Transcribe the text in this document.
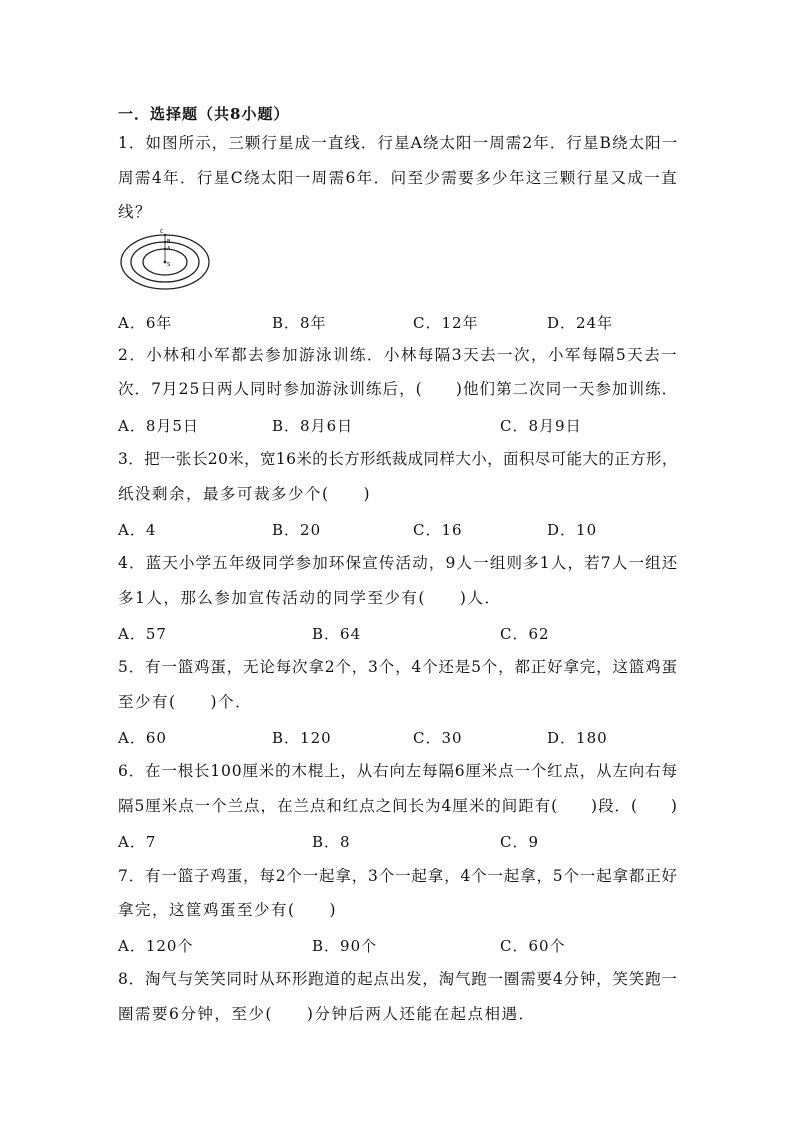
一．选择题（共8小题）
1．如图所示，三颗行星成一直线．行星A绕太阳一周需2年．行星B绕太阳一
周需4年．行星C绕太阳一周需6年．问至少需要多少年这三颗行星又成一直
线？
C
B
A
S
A．6年	B．8年	C．12年	D．24年
2．小林和小军都去参加游泳训练．小林每隔3天去一次，小军每隔5天去一
次．7月25日两人同时参加游泳训练后，(　　)他们第二次同一天参加训练．
A．8月5日	B．8月6日	C．8月9日
3．把一张长20米，宽16米的长方形纸裁成同样大小，面积尽可能大的正方形，
纸没剩余，最多可裁多少个(　　)
A．4	B．20	C．16	D．10
4．蓝天小学五年级同学参加环保宣传活动，9人一组则多1人，若7人一组还
多1人，那么参加宣传活动的同学至少有(　　)人．
A．57	B．64	C．62
5．有一篮鸡蛋，无论每次拿2个，3个，4个还是5个，都正好拿完，这篮鸡蛋
至少有(　　)个．
A．60	B．120	C．30	D．180
6．在一根长100厘米的木棍上，从右向左每隔6厘米点一个红点，从左向右每
隔5厘米点一个兰点，在兰点和红点之间长为4厘米的间距有(　　)段．(　　)
A．7	B．8	C．9
7．有一篮子鸡蛋，每2个一起拿，3个一起拿，4个一起拿，5个一起拿都正好
拿完，这筐鸡蛋至少有(　　)
A．120个	B．90个	C．60个
8．淘气与笑笑同时从环形跑道的起点出发，淘气跑一圈需要4分钟，笑笑跑一
圈需要6分钟，至少(　　)分钟后两人还能在起点相遇．
